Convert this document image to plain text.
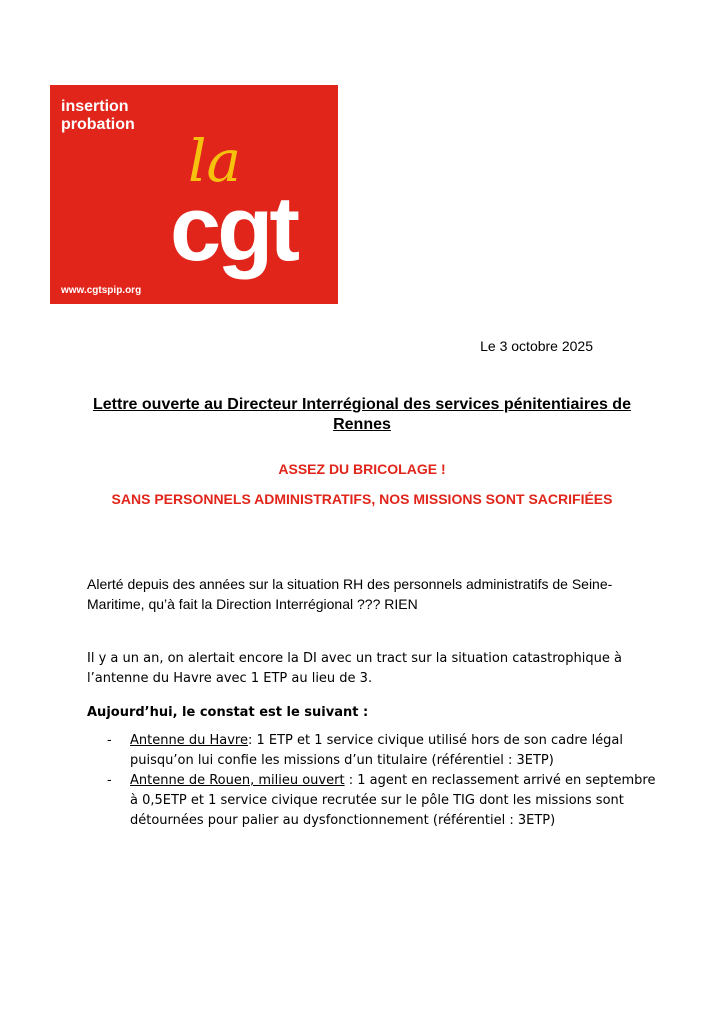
insertion
probation
la
cgt
www.cgtspip.org
Le 3 octobre 2025
Lettre ouverte au Directeur Interrégional des services pénitentiaires de Rennes
ASSEZ DU BRICOLAGE !
SANS PERSONNELS ADMINISTRATIFS, NOS MISSIONS SONT SACRIFIÉES
Alerté depuis des années sur la situation RH des personnels administratifs de Seine-Maritime, qu’à fait la Direction Interrégional ??? RIEN
Il y a un an, on alertait encore la DI avec un tract sur la situation catastrophique à l’antenne du Havre avec 1 ETP au lieu de 3.
Aujourd’hui, le constat est le suivant :
- Antenne du Havre: 1 ETP et 1 service civique utilisé hors de son cadre légal puisqu’on lui confie les missions d’un titulaire (référentiel : 3ETP)
- Antenne de Rouen, milieu ouvert : 1 agent en reclassement arrivé en septembre à 0,5ETP et 1 service civique recrutée sur le pôle TIG dont les missions sont détournées pour palier au dysfonctionnement (référentiel : 3ETP)
